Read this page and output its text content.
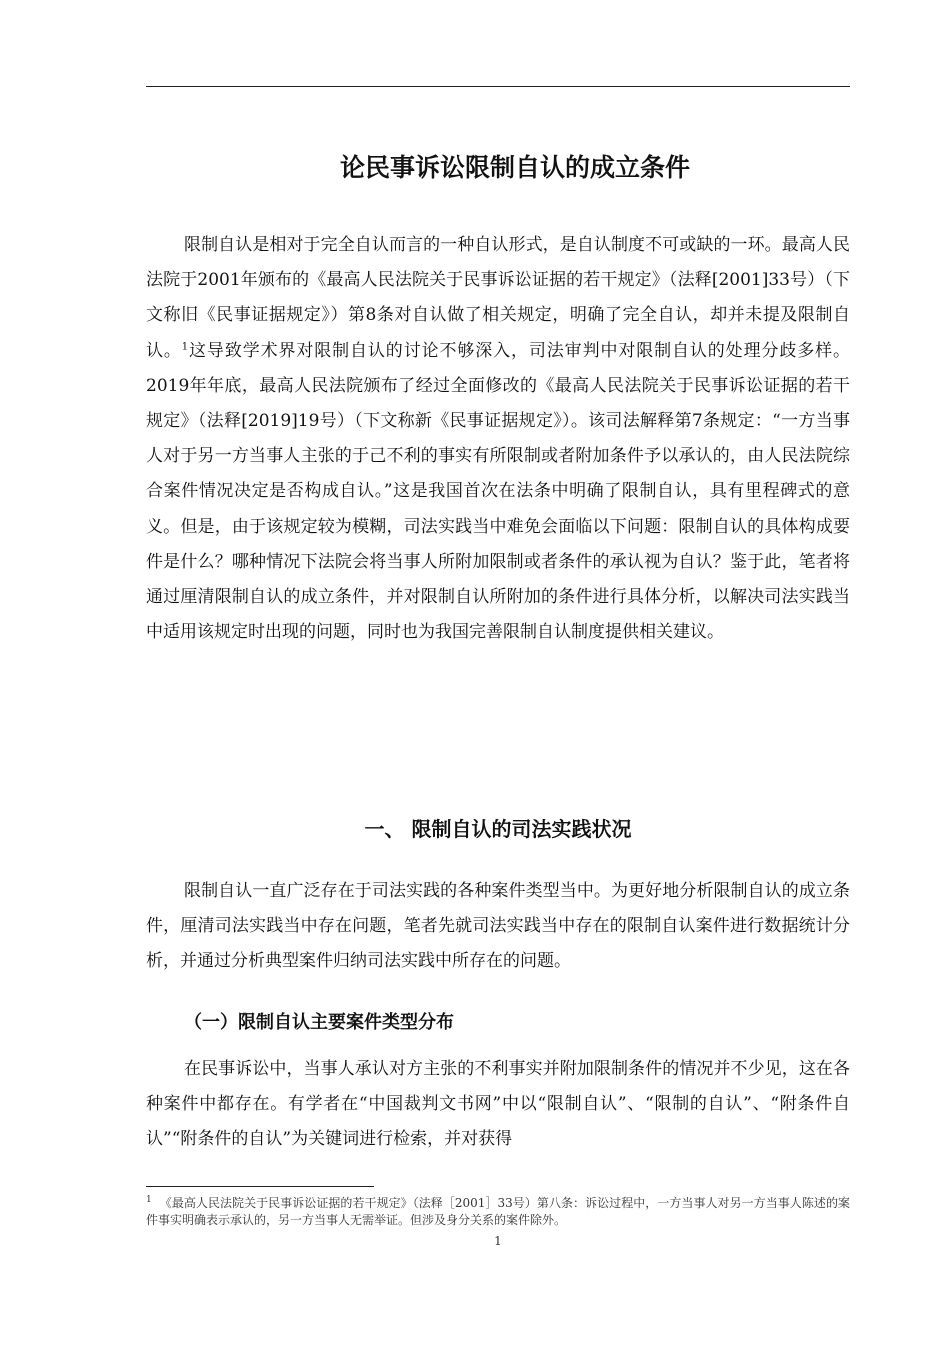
论民事诉讼限制自认的成立条件

限制自认是相对于完全自认而言的一种自认形式，是自认制度不可或缺的一环。最高人民法院于2001年颁布的《最高人民法院关于民事诉讼证据的若干规定》（法释[2001]33号）（下文称旧《民事证据规定》）第8条对自认做了相关规定，明确了完全自认，却并未提及限制自认。$^1$这导致学术界对限制自认的讨论不够深入，司法审判中对限制自认的处理分歧多样。2019年年底，最高人民法院颁布了经过全面修改的《最高人民法院关于民事诉讼证据的若干规定》（法释[2019]19号）（下文称新《民事证据规定》）。该司法解释第7条规定：“一方当事人对于另一方当事人主张的于己不利的事实有所限制或者附加条件予以承认的，由人民法院综合案件情况决定是否构成自认。”这是我国首次在法条中明确了限制自认，具有里程碑式的意义。但是，由于该规定较为模糊，司法实践当中难免会面临以下问题：限制自认的具体构成要件是什么？哪种情况下法院会将当事人所附加限制或者条件的承认视为自认？鉴于此，笔者将通过厘清限制自认的成立条件，并对限制自认所附加的条件进行具体分析，以解决司法实践当中适用该规定时出现的问题，同时也为我国完善限制自认制度提供相关建议。

一、 限制自认的司法实践状况

限制自认一直广泛存在于司法实践的各种案件类型当中。为更好地分析限制自认的成立条件，厘清司法实践当中存在问题，笔者先就司法实践当中存在的限制自认案件进行数据统计分析，并通过分析典型案件归纳司法实践中所存在的问题。

（一）限制自认主要案件类型分布

在民事诉讼中，当事人承认对方主张的不利事实并附加限制条件的情况并不少见，这在各种案件中都存在。有学者在“中国裁判文书网”中以“限制自认”、“限制的自认”、“附条件自认”“附条件的自认”为关键词进行检索，并对获得

$^1$ 《最高人民法院关于民事诉讼证据的若干规定》（法释［2001］33号）第八条：诉讼过程中，一方当事人对另一方当事人陈述的案件事实明确表示承认的，另一方当事人无需举证。但涉及身分关系的案件除外。

1
